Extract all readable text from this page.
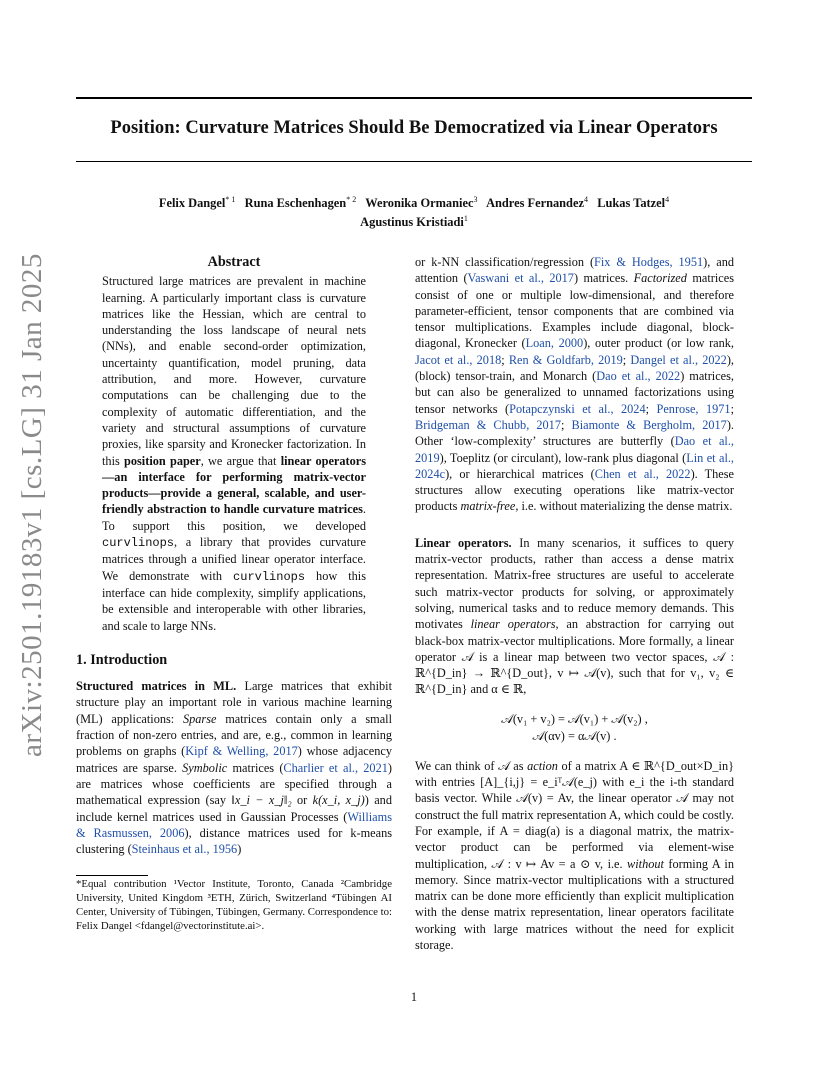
arXiv:2501.19183v1 [cs.LG] 31 Jan 2025
Position: Curvature Matrices Should Be Democratized via Linear Operators
Felix Dangel$^{* 1}$ Runa Eschenhagen$^{* 2}$ Weronika Ormaniec$^3$ Andres Fernandez$^4$ Lukas Tatzel$^4$
Agustinus Kristiadi$^1$
Abstract
Structured large matrices are prevalent in machine learning. A particularly important class is curvature matrices like the Hessian, which are central to understanding the loss landscape of neural nets (NNs), and enable second-order optimization, uncertainty quantification, model pruning, data attribution, and more. However, curvature computations can be challenging due to the complexity of automatic differentiation, and the variety and structural assumptions of curvature proxies, like sparsity and Kronecker factorization. In this position paper, we argue that linear operators—an interface for performing matrix-vector products—provide a general, scalable, and user-friendly abstraction to handle curvature matrices. To support this position, we developed curvlinops, a library that provides curvature matrices through a unified linear operator interface. We demonstrate with curvlinops how this interface can hide complexity, simplify applications, be extensible and interoperable with other libraries, and scale to large NNs.
1. Introduction
Structured matrices in ML. Large matrices that exhibit structure play an important role in various machine learning (ML) applications: Sparse matrices contain only a small fraction of non-zero entries, and are, e.g., common in learning problems on graphs (Kipf & Welling, 2017) whose adjacency matrices are sparse. Symbolic matrices (Charlier et al., 2021) are matrices whose coefficients are specified through a mathematical expression (say ‖x_i − x_j‖₂ or k(x_i, x_j)) and include kernel matrices used in Gaussian Processes (Williams & Rasmussen, 2006), distance matrices used for k-means clustering (Steinhaus et al., 1956)
*Equal contribution ¹Vector Institute, Toronto, Canada ²Cambridge University, United Kingdom ³ETH, Zürich, Switzerland ⁴Tübingen AI Center, University of Tübingen, Tübingen, Germany. Correspondence to: Felix Dangel <fdangel@vectorinstitute.ai>.
or k-NN classification/regression (Fix & Hodges, 1951), and attention (Vaswani et al., 2017) matrices. Factorized matrices consist of one or multiple low-dimensional, and therefore parameter-efficient, tensor components that are combined via tensor multiplications. Examples include diagonal, block-diagonal, Kronecker (Loan, 2000), outer product (or low rank, Jacot et al., 2018; Ren & Goldfarb, 2019; Dangel et al., 2022), (block) tensor-train, and Monarch (Dao et al., 2022) matrices, but can also be generalized to unnamed factorizations using tensor networks (Potapczynski et al., 2024; Penrose, 1971; Bridgeman & Chubb, 2017; Biamonte & Bergholm, 2017). Other ‘low-complexity’ structures are butterfly (Dao et al., 2019), Toeplitz (or circulant), low-rank plus diagonal (Lin et al., 2024c), or hierarchical matrices (Chen et al., 2022). These structures allow executing operations like matrix-vector products matrix-free, i.e. without materializing the dense matrix.
Linear operators. In many scenarios, it suffices to query matrix-vector products, rather than access a dense matrix representation. Matrix-free structures are useful to accelerate such matrix-vector products for solving, or approximately solving, numerical tasks and to reduce memory demands. This motivates linear operators, an abstraction for carrying out black-box matrix-vector multiplications. More formally, a linear operator 𝒜 is a linear map between two vector spaces, 𝒜 : ℝ^{D_in} → ℝ^{D_out}, v ↦ 𝒜(v), such that for v₁, v₂ ∈ ℝ^{D_in} and α ∈ ℝ,
𝒜(v₁ + v₂) = 𝒜(v₁) + 𝒜(v₂) ,
𝒜(αv) = α𝒜(v) .
We can think of 𝒜 as action of a matrix A ∈ ℝ^{D_out×D_in} with entries [A]_{i,j} = e_iᵀ𝒜(e_j) with e_i the i-th standard basis vector. While 𝒜(v) = Av, the linear operator 𝒜 may not construct the full matrix representation A, which could be costly. For example, if A = diag(a) is a diagonal matrix, the matrix-vector product can be performed via element-wise multiplication, 𝒜 : v ↦ Av = a ⊙ v, i.e. without forming A in memory. Since matrix-vector multiplications with a structured matrix can be done more efficiently than explicit multiplication with the dense matrix representation, linear operators facilitate working with large matrices without the need for explicit storage.
1
